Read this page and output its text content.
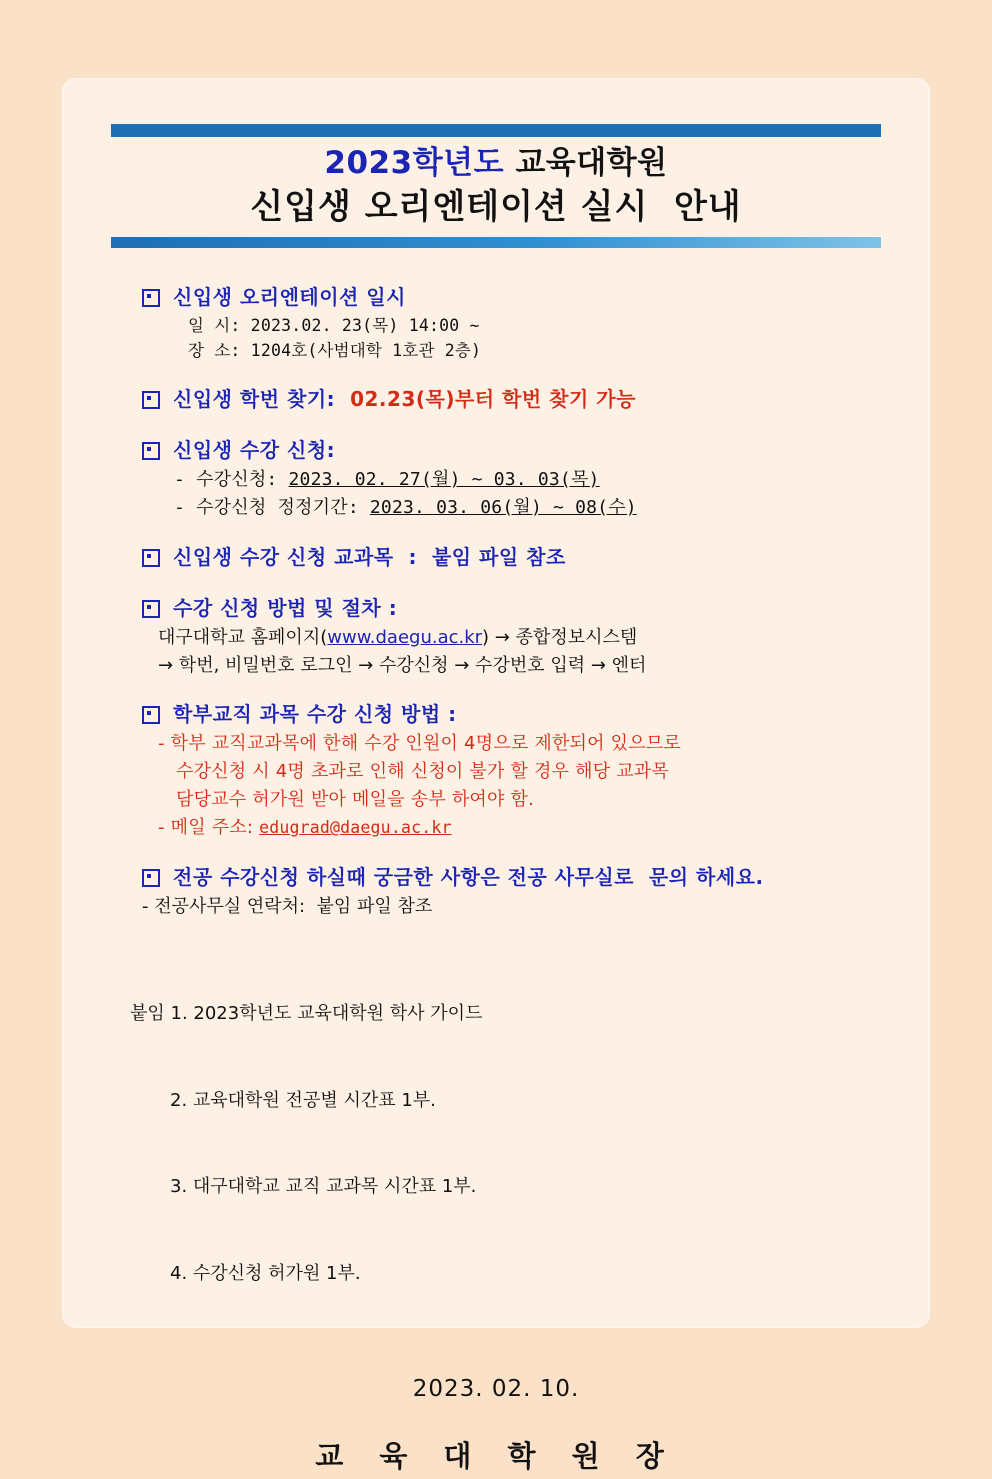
2023학년도 교육대학원
신입생 오리엔테이션 실시  안내
신입생 오리엔테이션 일시
일 시: 2023.02. 23(목) 14:00 ~
장 소: 1204호(사범대학 1호관 2층)
신입생 학번 찾기:  02.23(목)부터 학번 찾기 가능
신입생 수강 신청:
- 수강신청: 2023. 02. 27(월) ~ 03. 03(목)
- 수강신청 정정기간: 2023. 03. 06(월) ~ 08(수)
신입생 수강 신청 교과목  :  붙임 파일 참조
수강 신청 방법 및 절차 :
대구대학교 홈페이지(www.daegu.ac.kr) → 종합정보시스템
→ 학번, 비밀번호 로그인 → 수강신청 → 수강번호 입력 → 엔터
학부교직 과목 수강 신청 방법 :
- 학부 교직교과목에 한해 수강 인원이 4명으로 제한되어 있으므로
수강신청 시 4명 초과로 인해 신청이 불가 할 경우 해당 교과목
담당교수 허가원 받아 메일을 송부 하여야 함.
- 메일 주소: edugrad@daegu.ac.kr
전공 수강신청 하실때 궁금한 사항은 전공 사무실로  문의 하세요.
- 전공사무실 연락처:  붙임 파일 참조

붙임 1. 2023학년도 교육대학원 학사 가이드

2. 교육대학원 전공별 시간표 1부.

3. 대구대학교 교직 교과목 시간표 1부.

4. 수강신청 허가원 1부.

2023. 02. 10.
교 육 대 학 원 장
